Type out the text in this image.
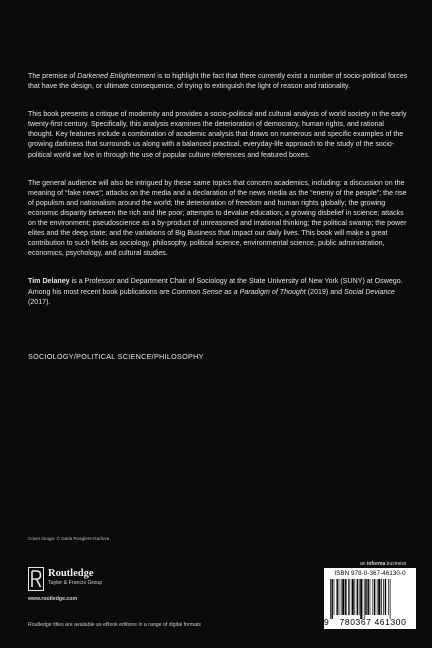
The premise of Darkened Enlightenment is to highlight the fact that there currently exist a number of socio-political forces that have the design, or ultimate consequence, of trying to extinguish the light of reason and rationality.

This book presents a critique of modernity and provides a socio-political and cultural analysis of world society in the early twenty-first century. Specifically, this analysis examines the deterioration of democracy, human rights, and rational thought. Key features include a combination of academic analysis that draws on numerous and specific examples of the growing darkness that surrounds us along with a balanced practical, everyday-life approach to the study of the socio-political world we live in through the use of popular culture references and featured boxes.

The general audience will also be intrigued by these same topics that concern academics, including: a discussion on the meaning of “fake news”; attacks on the media and a declaration of the news media as the “enemy of the people”; the rise of populism and nationalism around the world; the deterioration of freedom and human rights globally; the growing economic disparity between the rich and the poor; attempts to devalue education; a growing disbelief in science; attacks on the environment; pseudoscience as a by-product of unreasoned and irrational thinking; the political swamp; the power elites and the deep state; and the variations of Big Business that impact our daily lives. This book will make a great contribution to such fields as sociology, philosophy, political science, environmental science, public administration, economics, psychology, and cultural studies.

Tim Delaney is a Professor and Department Chair of Sociology at the State University of New York (SUNY) at Oswego. Among his most recent book publications are Common Sense as a Paradigm of Thought (2019) and Social Deviance (2017).

SOCIOLOGY/POLITICAL SCIENCE/PHILOSOPHY
Cover image: © Daria Rosgiers-Garlova
Routledge
Taylor & Francis Group
www.routledge.com
Routledge titles are available as eBook editions in a range of digital formats
an informa business
ISBN 978-0-367-46130-0
9	780367 461300
